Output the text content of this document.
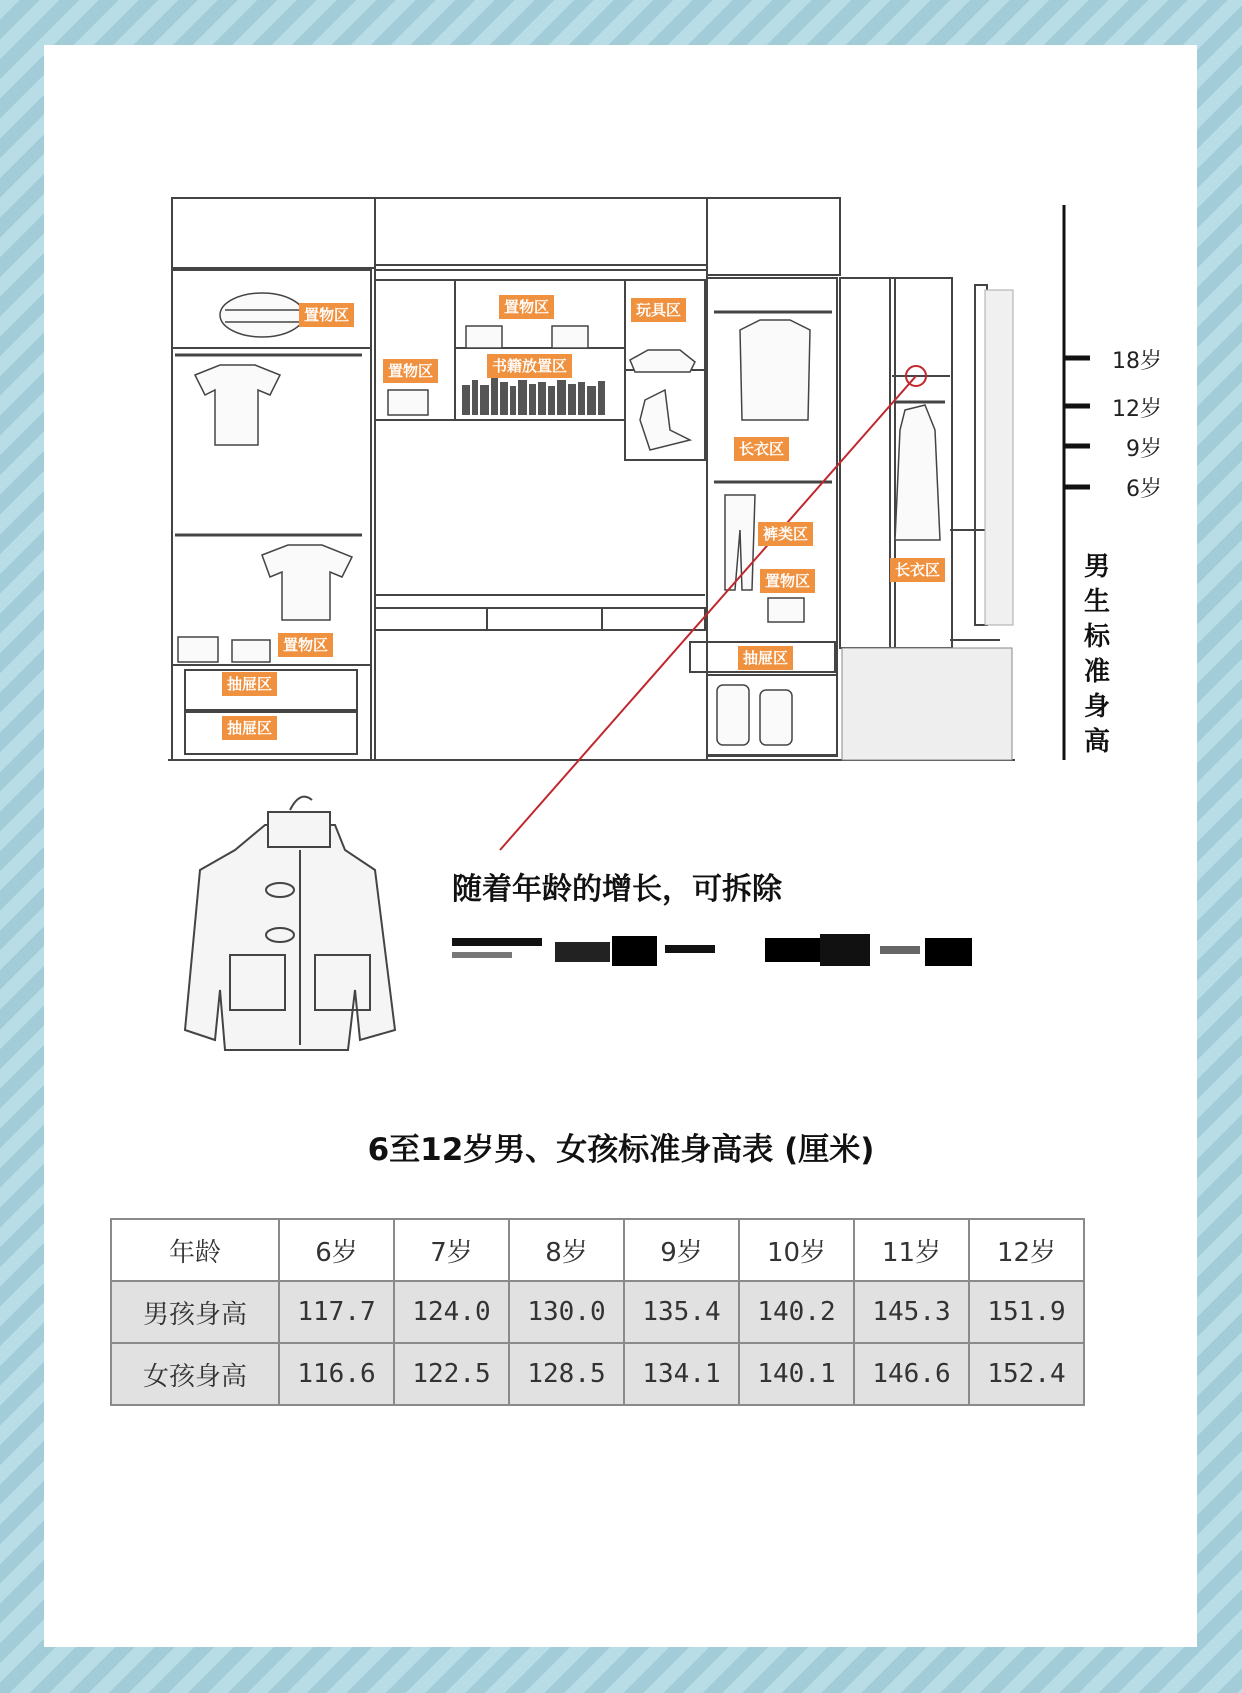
置物区
置物区
置物区
书籍放置区
玩具区
长衣区
裤类区
置物区
抽屉区
长衣区
置物区
抽屉区
抽屉区
18岁
12岁
9岁
6岁
男生标准身高
随着年龄的增长，可拆除
6至12岁男、女孩标准身高表 (厘米)
年龄	6岁	7岁	8岁	9岁	10岁	11岁	12岁
男孩身高	117.7	124.0	130.0	135.4	140.2	145.3	151.9
女孩身高	116.6	122.5	128.5	134.1	140.1	146.6	152.4
